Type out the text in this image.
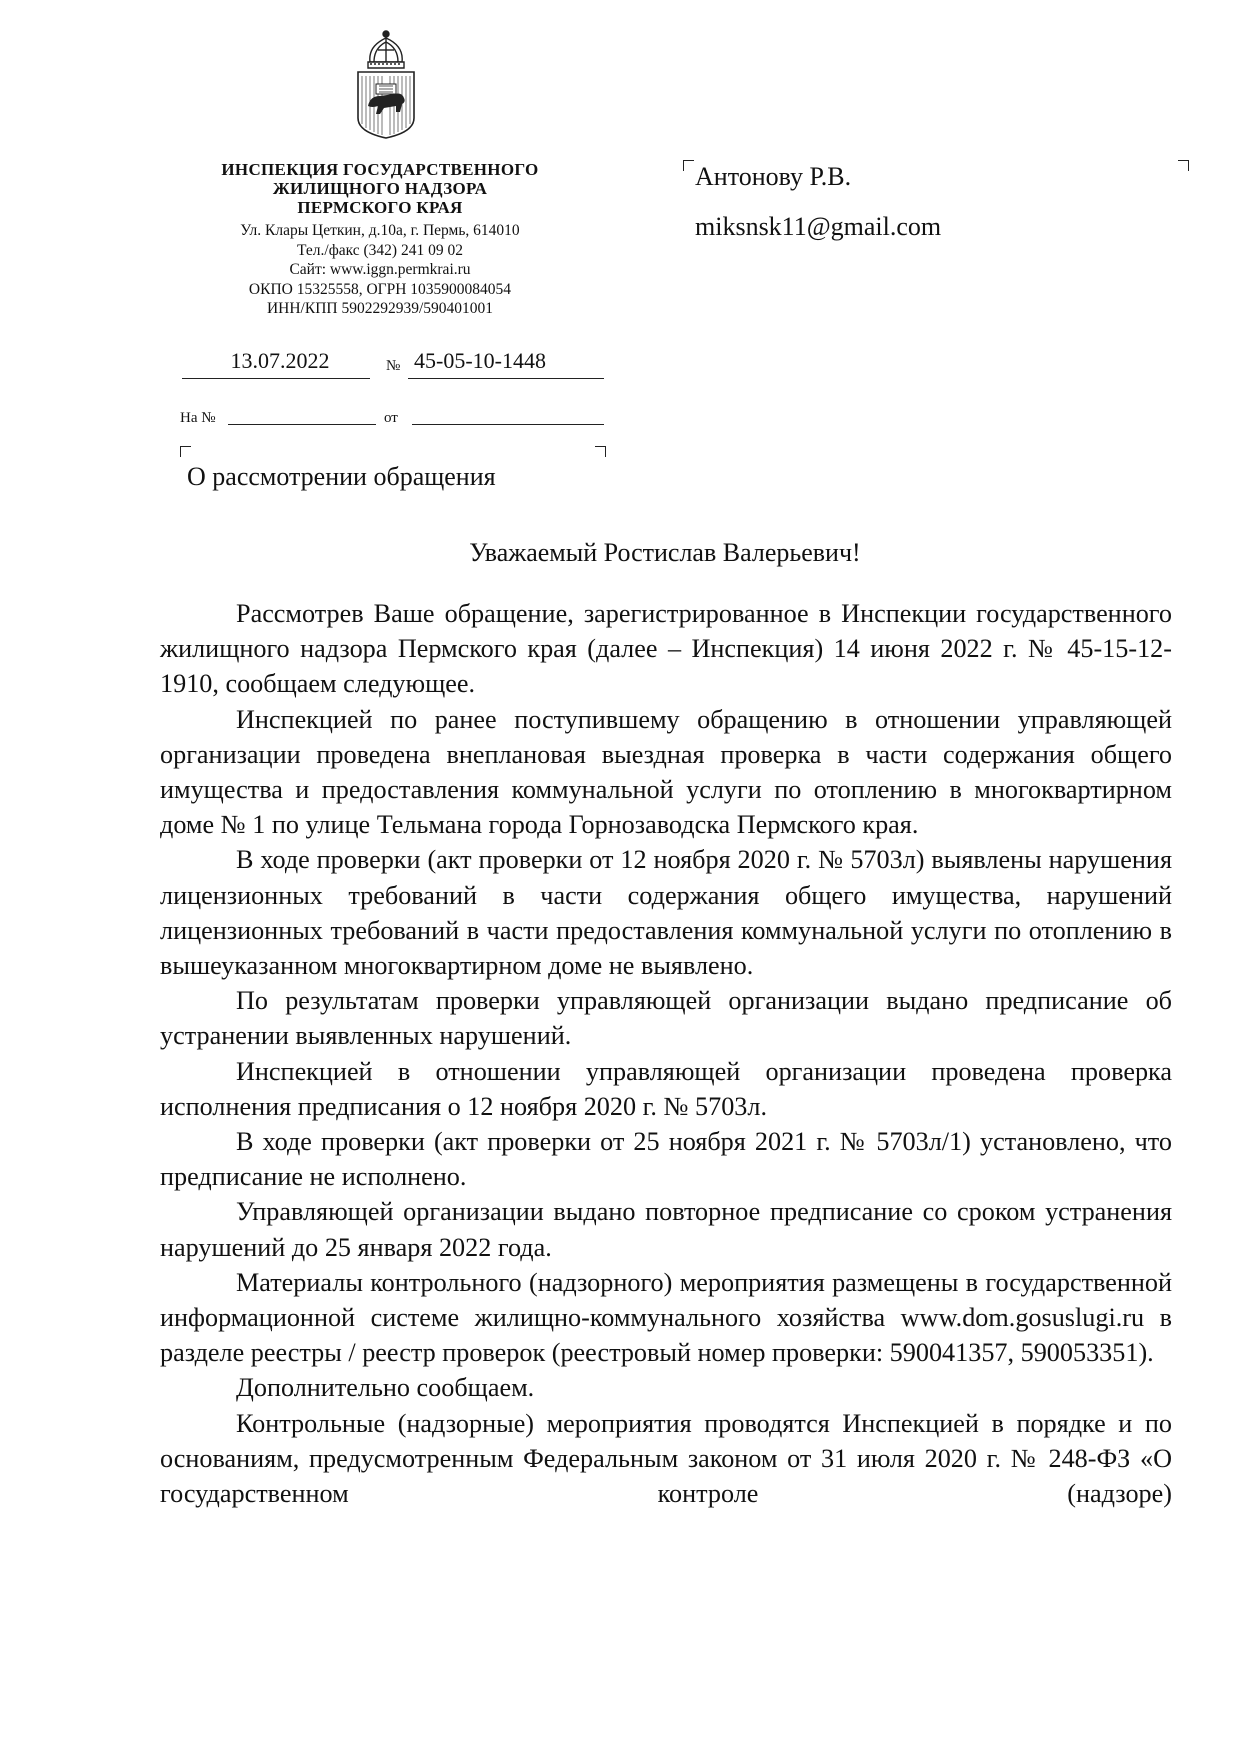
ИНСПЕКЦИЯ ГОСУДАРСТВЕННОГО
ЖИЛИЩНОГО НАДЗОРА
ПЕРМСКОГО КРАЯ
Ул. Клары Цеткин, д.10а, г. Пермь, 614010
Тел./факс (342) 241 09 02
Сайт: www.iggn.permkrai.ru
ОКПО 15325558, ОГРН 1035900084054
ИНН/КПП 5902292939/590401001
13.07.2022	№ 45-05-10-1448
На №	от
О рассмотрении обращения
Антонову Р.В.
miksnsk11@gmail.com
Уважаемый Ростислав Валерьевич!

Рассмотрев Ваше обращение, зарегистрированное в Инспекции государственного жилищного надзора Пермского края (далее – Инспекция) 14 июня 2022 г. № 45-15-12-1910, сообщаем следующее.

Инспекцией по ранее поступившему обращению в отношении управляющей организации проведена внеплановая выездная проверка в части содержания общего имущества и предоставления коммунальной услуги по отоплению в многоквартирном доме № 1 по улице Тельмана города Горнозаводска Пермского края.

В ходе проверки (акт проверки от 12 ноября 2020 г. № 5703л) выявлены нарушения лицензионных требований в части содержания общего имущества, нарушений лицензионных требований в части предоставления коммунальной услуги по отоплению в вышеуказанном многоквартирном доме не выявлено.

По результатам проверки управляющей организации выдано предписание об устранении выявленных нарушений.

Инспекцией в отношении управляющей организации проведена проверка исполнения предписания о 12 ноября 2020 г. № 5703л.

В ходе проверки (акт проверки от 25 ноября 2021 г. № 5703л/1) установлено, что предписание не исполнено.

Управляющей организации выдано повторное предписание со сроком устранения нарушений до 25 января 2022 года.

Материалы контрольного (надзорного) мероприятия размещены в государственной информационной системе жилищно-коммунального хозяйства www.dom.gosuslugi.ru в разделе реестры / реестр проверок (реестровый номер проверки: 590041357, 590053351).

Дополнительно сообщаем.

Контрольные (надзорные) мероприятия проводятся Инспекцией в порядке и по основаниям, предусмотренным Федеральным законом от 31 июля 2020 г. № 248-ФЗ «О государственном контроле (надзоре)
